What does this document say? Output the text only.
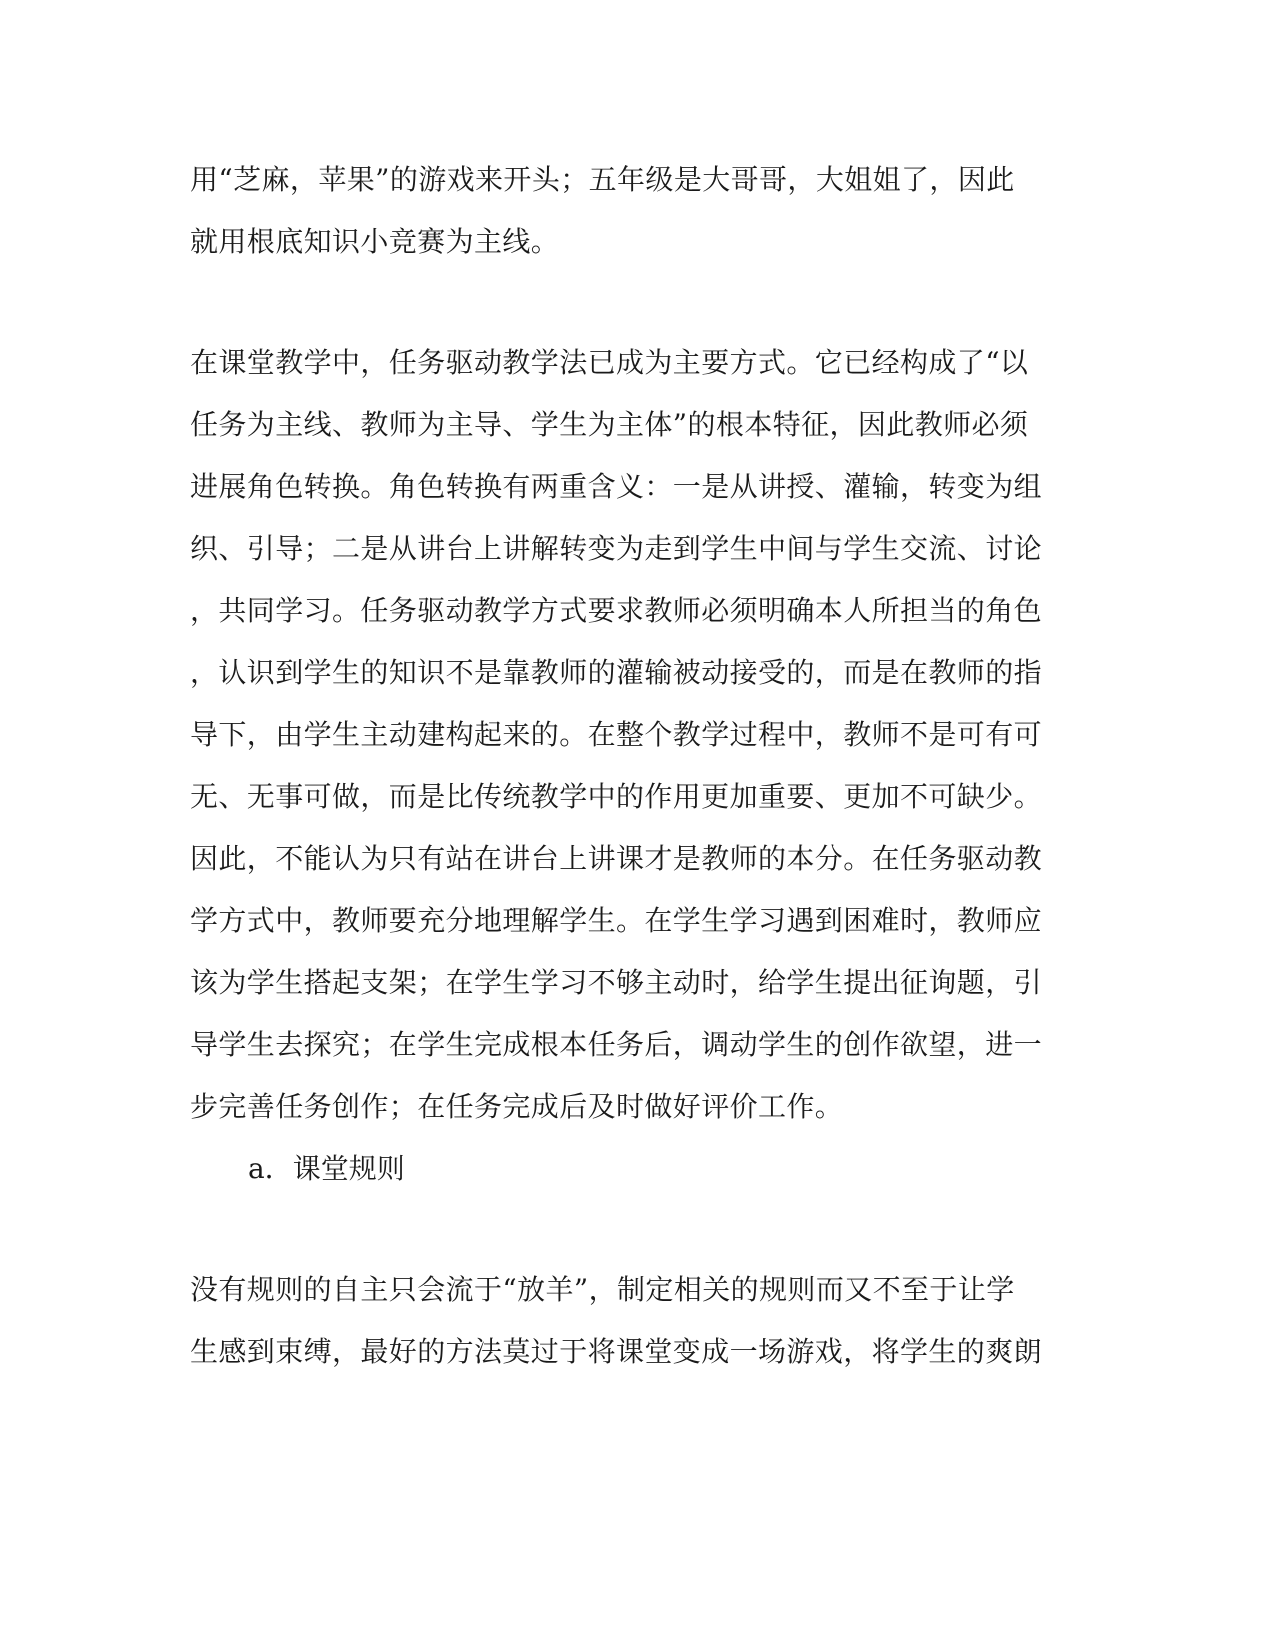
用“芝麻，苹果”的游戏来开头；五年级是大哥哥，大姐姐了，因此
就用根底知识小竞赛为主线。
在课堂教学中，任务驱动教学法已成为主要方式。它已经构成了“以
任务为主线、教师为主导、学生为主体”的根本特征，因此教师必须
进展角色转换。角色转换有两重含义：一是从讲授、灌输，转变为组
织、引导；二是从讲台上讲解转变为走到学生中间与学生交流、讨论
，共同学习。任务驱动教学方式要求教师必须明确本人所担当的角色
，认识到学生的知识不是靠教师的灌输被动接受的，而是在教师的指
导下，由学生主动建构起来的。在整个教学过程中，教师不是可有可
无、无事可做，而是比传统教学中的作用更加重要、更加不可缺少。
因此，不能认为只有站在讲台上讲课才是教师的本分。在任务驱动教
学方式中，教师要充分地理解学生。在学生学习遇到困难时，教师应
该为学生搭起支架；在学生学习不够主动时，给学生提出征询题，引
导学生去探究；在学生完成根本任务后，调动学生的创作欲望，进一
步完善任务创作；在任务完成后及时做好评价工作。
a．课堂规则
没有规则的自主只会流于“放羊”，制定相关的规则而又不至于让学
生感到束缚，最好的方法莫过于将课堂变成一场游戏，将学生的爽朗
